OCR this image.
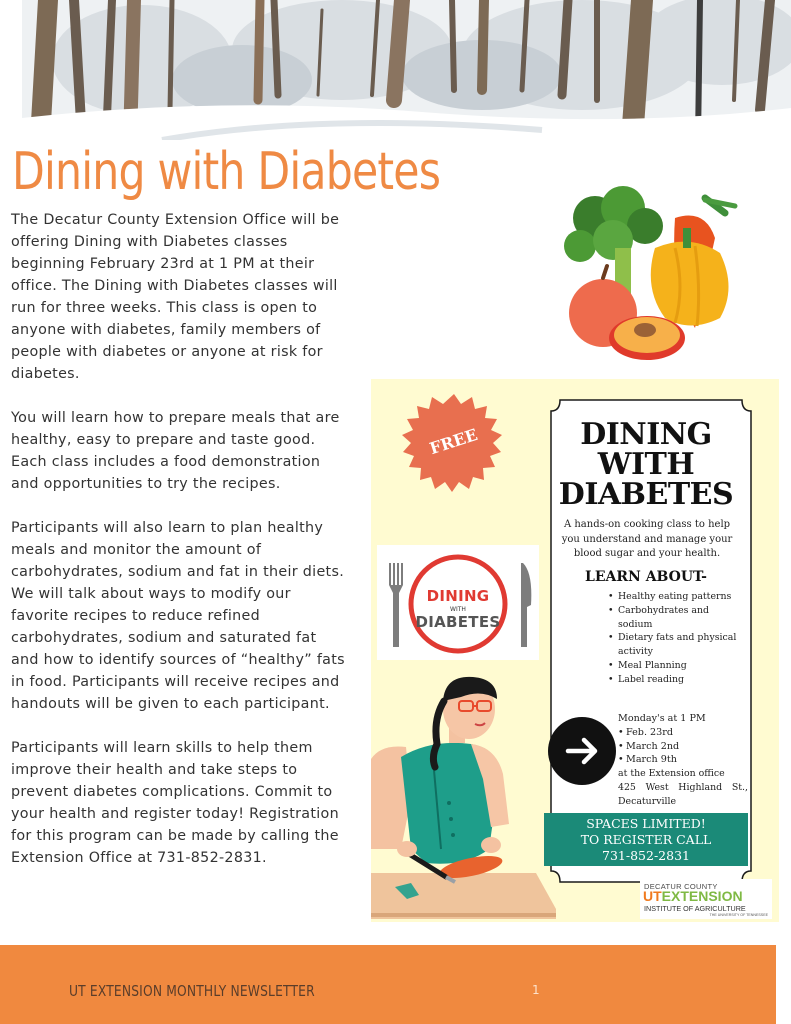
Dining with Diabetes

The Decatur County Extension Office will be offering Dining with Diabetes classes beginning February 23rd at 1 PM at their office. The Dining with Diabetes classes will run for three weeks. This class is open to anyone with diabetes, family members of people with diabetes or anyone at risk for diabetes.

You will learn how to prepare meals that are healthy, easy to prepare and taste good. Each class includes a food demonstration and opportunities to try the recipes.

Participants will also learn to plan healthy meals and monitor the amount of carbohydrates, sodium and fat in their diets. We will talk about ways to modify our favorite recipes to reduce refined carbohydrates, sodium and saturated fat and how to identify sources of “healthy” fats in food. Participants will receive recipes and handouts will be given to each participant.

Participants will learn skills to help them improve their health and take steps to prevent diabetes complications. Commit to your health and register today! Registration for this program can be made by calling the Extension Office at 731-852-2831.

FREE	DINING
WITH
DIABETES
DINING
WITH
DIABETES
A hands-on cooking class to help you understand and manage your blood sugar and your health.
LEARN ABOUT-
• Healthy eating patterns
• Carbohydrates and sodium
• Dietary fats and physical activity
• Meal Planning
• Label reading
Monday's at 1 PM
• Feb. 23rd
• March 2nd
• March 9th
at the Extension office
425 West Highland St.,
Decaturville
SPACES LIMITED!
TO REGISTER CALL
731-852-2831
DECATUR COUNTY
UTEXTENSION
INSTITUTE OF AGRICULTURE
THE UNIVERSITY OF TENNESSEE
UT EXTENSION MONTHLY NEWSLETTER	1
